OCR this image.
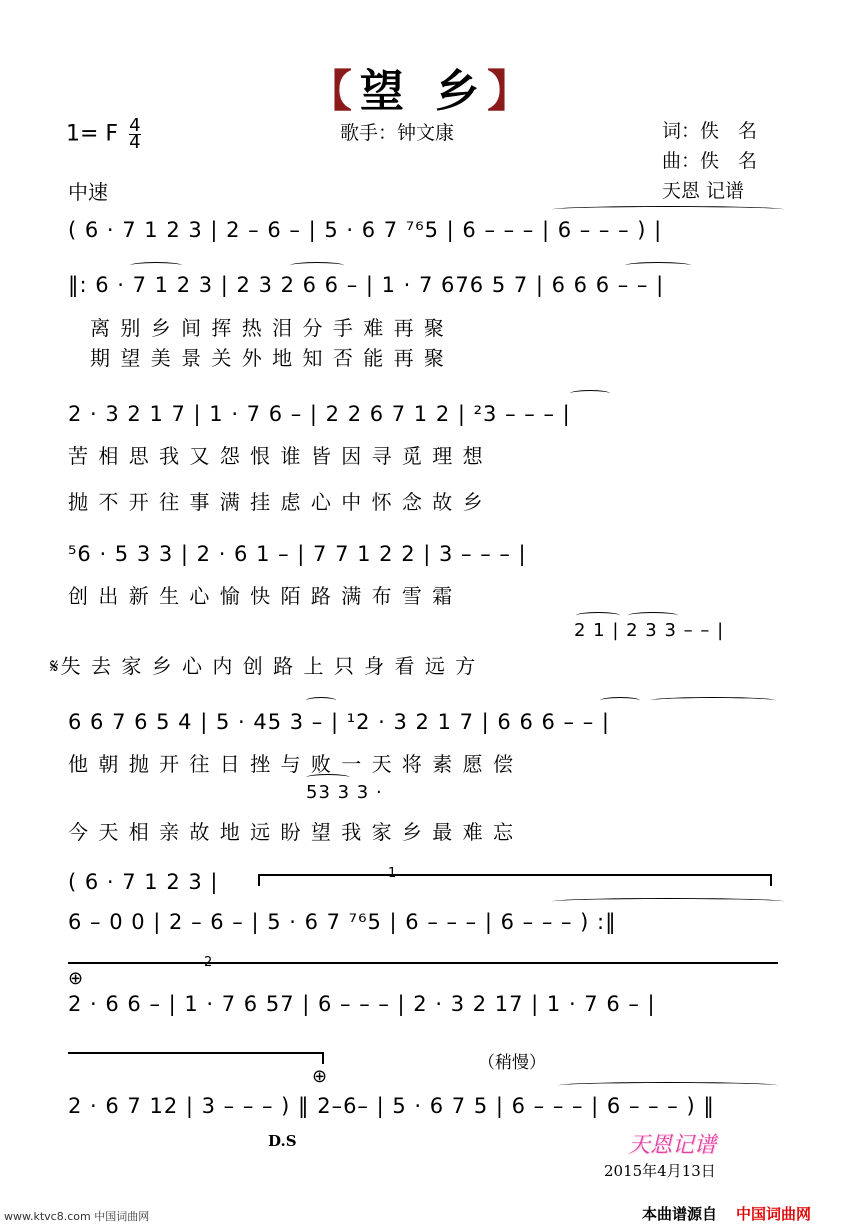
【望 乡】
1= F $\frac{4}{4}$	歌手：钟文康	词：佚　名
曲：佚　名
中速	天恩 记谱
( 6 · 7 1 2 3 | 2 – 6 – | 5 · 6 7 ⁷⁶5 | 6 – – – | 6 – – – ) |
‖: 6 · 7 1 2 3 | 2 3 2 6 6 – | 1 · 7 676 5 7 | 6 6 6 – – |
离 别 乡 间 挥 热 泪 分 手 难 再 聚
期 望 美 景 关 外 地 知 否 能 再 聚
2 · 3 2 1 7 | 1 · 7 6 – | 2 2 6 7 1 2 | ²3 – – – |
苦 相 思 我 又 怨 恨 谁 皆 因 寻 觅 理 想
抛 不 开 往 事 满 挂 虑 心 中 怀 念 故 乡
⁵6 · 5 3 3 | 2 · 6 1 – | 7 7 1 2 2 | 3 – – – |
创 出 新 生 心 愉 快 陌 路 满 布 雪 霜
2 1 | 2 3 3 – – |
𝄋失 去 家 乡 心 内 创 路 上 只 身 看 远 方
6 6 7 6 5 4 | 5 · 45 3 – | ¹2 · 3 2 1 7 | 6 6 6 – – |
他 朝 抛 开 往 日 挫 与 败 一 天 将 素 愿 偿
53 3 3 ·
今 天 相 亲 故 地 远 盼 望 我 家 乡 最 难 忘
( 6 · 7 1 2 3 |	1
6 – 0 0 | 2 – 6 – | 5 · 6 7 ⁷⁶5 | 6 – – – | 6 – – – ) :‖
2
⊕
2 · 6 6 – | 1 · 7 6 57 | 6 – – – | 2 · 3 2 17 | 1 · 7 6 – |
（稍慢）
⊕
2 · 6 7 12 | 3 – – – ) ‖ 2–6– | 5 · 6 7 5 | 6 – – – | 6 – – – ) ‖
D.S	天恩记谱
2015年4月13日
www.ktvc8.com 中国词曲网	本曲谱源自 中国词曲网
